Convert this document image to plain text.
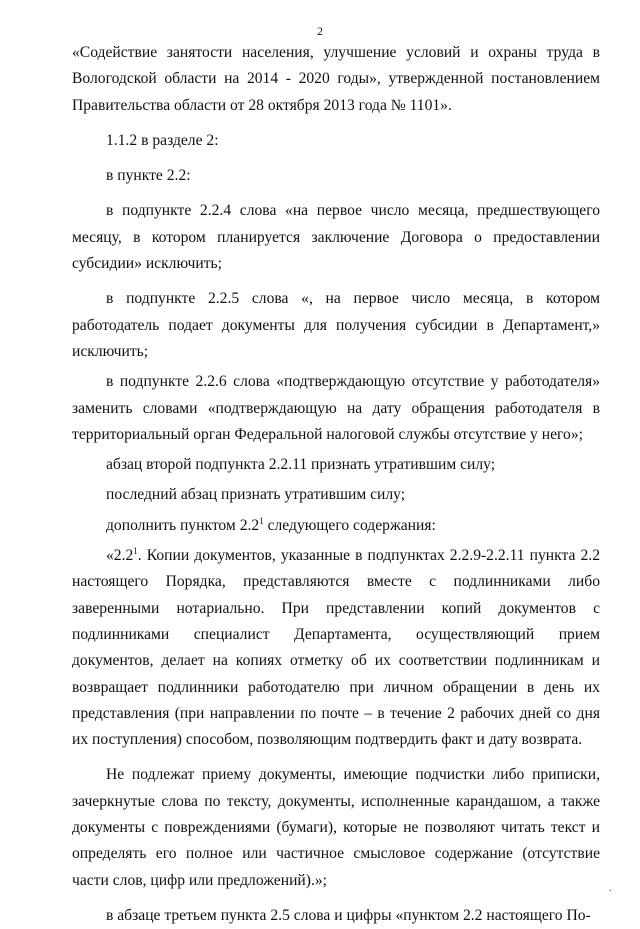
2

«Содействие занятости населения, улучшение условий и охраны труда в Вологодской области на 2014 - 2020 годы», утвержденной постановлением Правительства области от 28 октября 2013 года № 1101».

1.1.2 в разделе 2:

в пункте 2.2:

в подпункте 2.2.4 слова «на первое число месяца, предшествующего месяцу, в котором планируется заключение Договора о предоставлении субсидии» исключить;

в подпункте 2.2.5 слова «, на первое число месяца, в котором работодатель подает документы для получения субсидии в Департамент,» исключить;

в подпункте 2.2.6 слова «подтверждающую отсутствие у работодателя» заменить словами «подтверждающую на дату обращения работодателя в территориальный орган Федеральной налоговой службы отсутствие у него»;

абзац второй подпункта 2.2.11 признать утратившим силу;

последний абзац признать утратившим силу;

дополнить пунктом $2.2^1$ следующего содержания:

«$2.2^1$. Копии документов, указанные в подпунктах 2.2.9-2.2.11 пункта 2.2 настоящего Порядка, представляются вместе с подлинниками либо заверенными нотариально. При представлении копий документов с подлинниками специалист Департамента, осуществляющий прием документов, делает на копиях отметку об их соответствии подлинникам и возвращает подлинники работодателю при личном обращении в день их представления (при направлении по почте – в течение 2 рабочих дней со дня их поступления) способом, позволяющим подтвердить факт и дату возврата.

Не подлежат приему документы, имеющие подчистки либо приписки, зачеркнутые слова по тексту, документы, исполненные карандашом, а также документы с повреждениями (бумаги), которые не позволяют читать текст и определять его полное или частичное смысловое содержание (отсутствие части слов, цифр или предложений).»;

в абзаце третьем пункта 2.5 слова и цифры «пунктом 2.2 настоящего По-

·
